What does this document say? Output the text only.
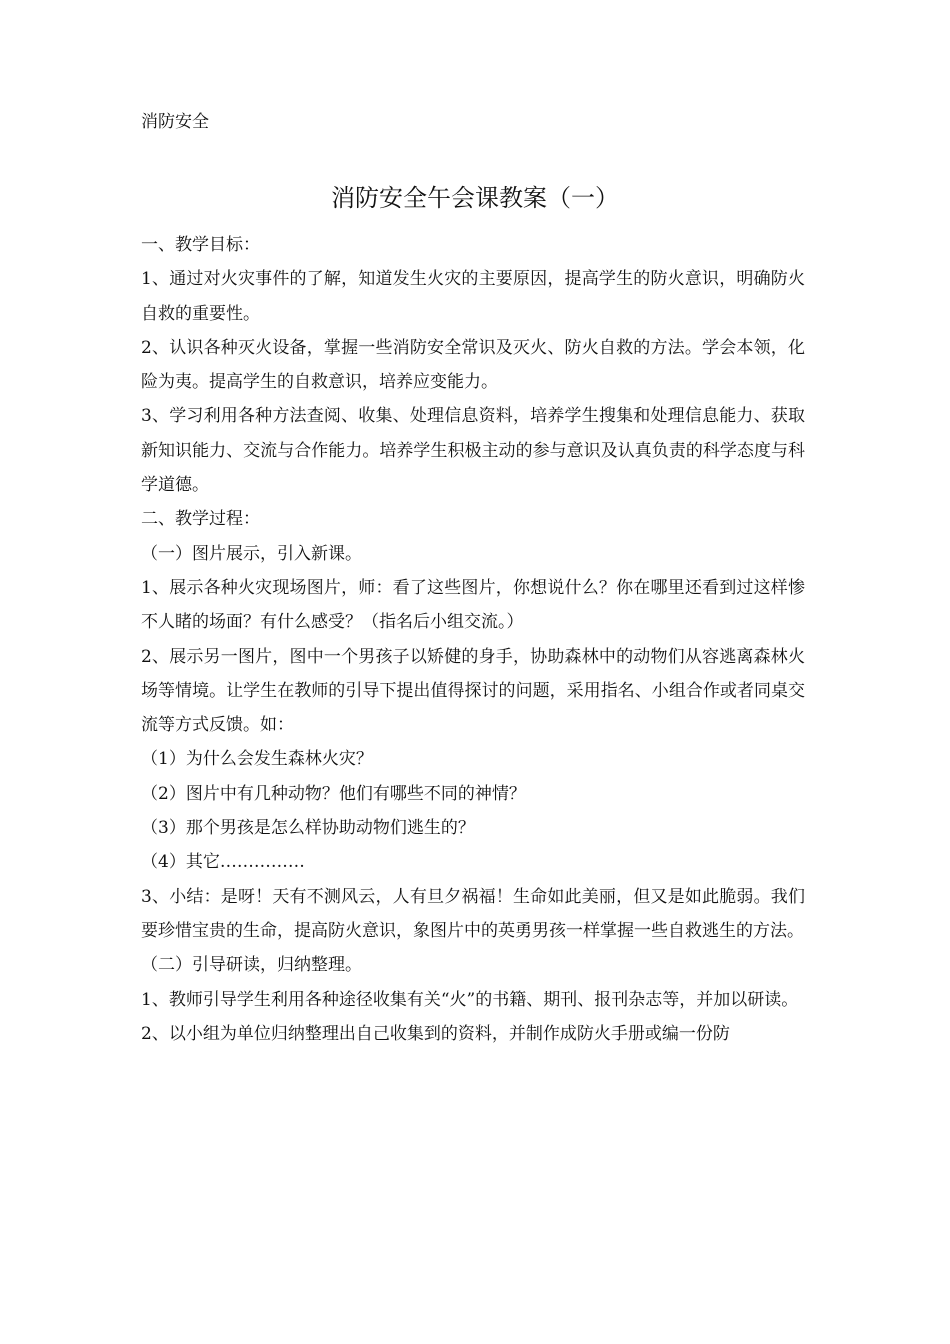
消防安全
消防安全午会课教案（一）

一、教学目标：

1、通过对火灾事件的了解，知道发生火灾的主要原因，提高学生的防火意识，明确防火自救的重要性。

2、认识各种灭火设备，掌握一些消防安全常识及灭火、防火自救的方法。学会本领，化险为夷。提高学生的自救意识，培养应变能力。

3、学习利用各种方法查阅、收集、处理信息资料，培养学生搜集和处理信息能力、获取新知识能力、交流与合作能力。培养学生积极主动的参与意识及认真负责的科学态度与科学道德。

二、教学过程：

（一）图片展示，引入新课。

1、展示各种火灾现场图片，师：看了这些图片，你想说什么？你在哪里还看到过这样惨不人睹的场面？有什么感受？（指名后小组交流。）

2、展示另一图片，图中一个男孩子以矫健的身手，协助森林中的动物们从容逃离森林火场等情境。让学生在教师的引导下提出值得探讨的问题，采用指名、小组合作或者同桌交流等方式反馈。如：

（1）为什么会发生森林火灾？

（2）图片中有几种动物？他们有哪些不同的神情？

（3）那个男孩是怎么样协助动物们逃生的？

（4）其它……………

3、小结：是呀！天有不测风云，人有旦夕祸福！生命如此美丽，但又是如此脆弱。我们要珍惜宝贵的生命，提高防火意识，象图片中的英勇男孩一样掌握一些自救逃生的方法。

（二）引导研读，归纳整理。

1、教师引导学生利用各种途径收集有关“火”的书籍、期刊、报刊杂志等，并加以研读。

2、以小组为单位归纳整理出自己收集到的资料，并制作成防火手册或编一份防
